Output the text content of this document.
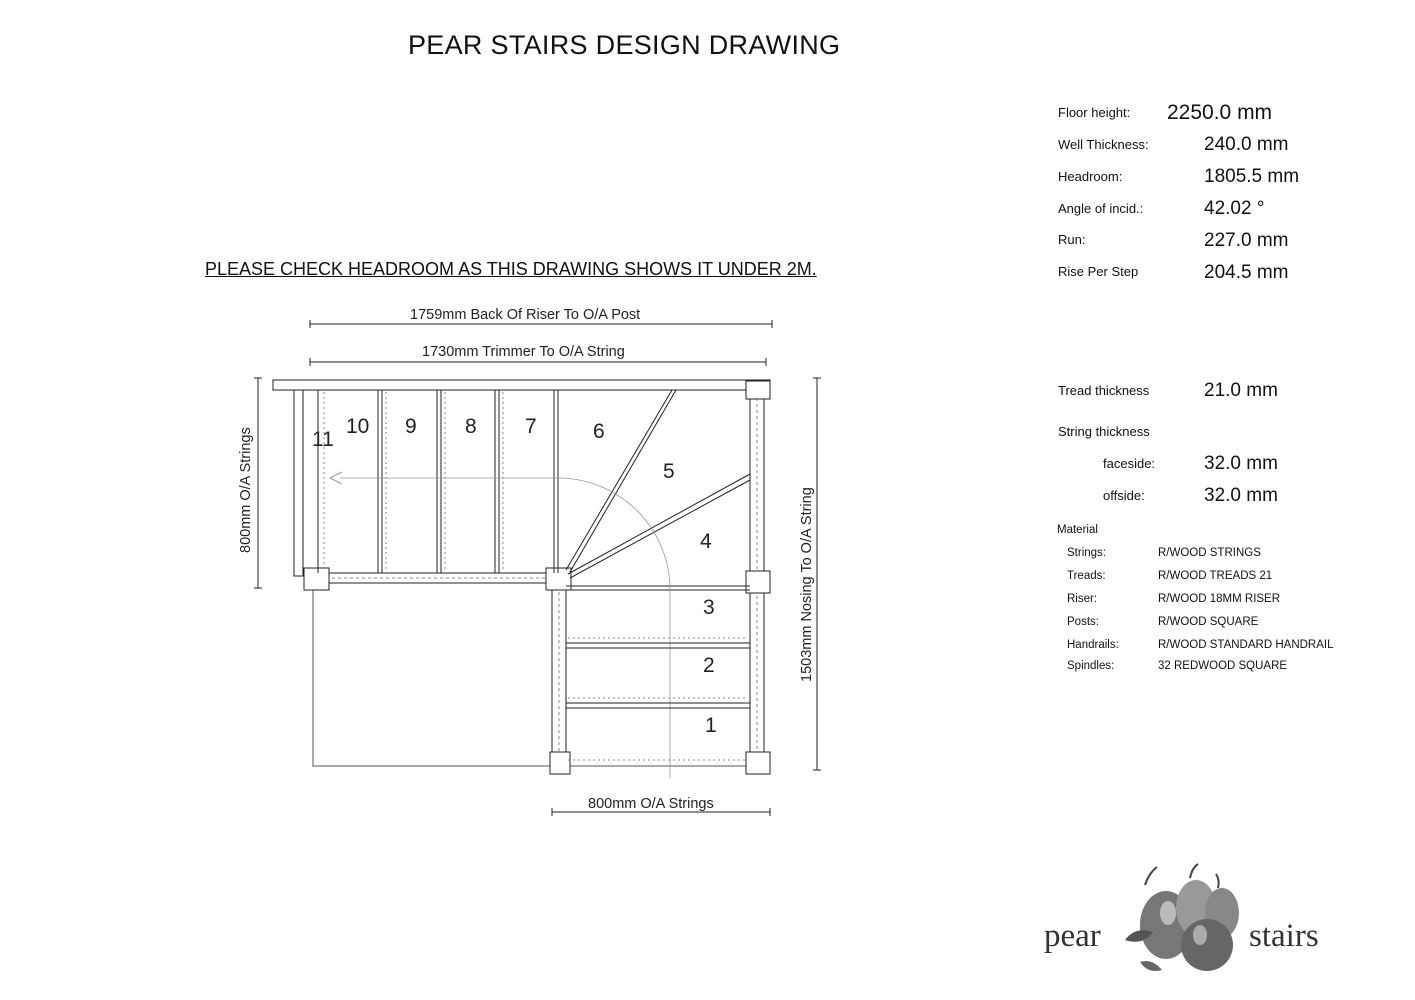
PEAR STAIRS DESIGN DRAWING
PLEASE CHECK HEADROOM AS THIS DRAWING SHOWS IT UNDER 2M.
Floor height: 2250.0 mm
Well Thickness:	240.0 mm
Headroom:	1805.5 mm
Angle of incid.:	42.02 °
Run:	227.0 mm
Rise Per Step	204.5 mm
Tread thickness	21.0 mm
String thickness
faceside:	32.0 mm
offside:	32.0 mm
Material
Strings:	R/WOOD STRINGS
Treads:	R/WOOD TREADS 21
Riser:	R/WOOD 18MM RISER
Posts:	R/WOOD SQUARE
Handrails:	R/WOOD STANDARD HANDRAIL
Spindles:	32 REDWOOD SQUARE
1
2
3
4
5
6
7
8
9
10
11
1759mm Back Of Riser To O/A Post
1730mm Trimmer To O/A String
800mm O/A Strings
800mm O/A Strings	1503mm Nosing To O/A String
pear	stairs
